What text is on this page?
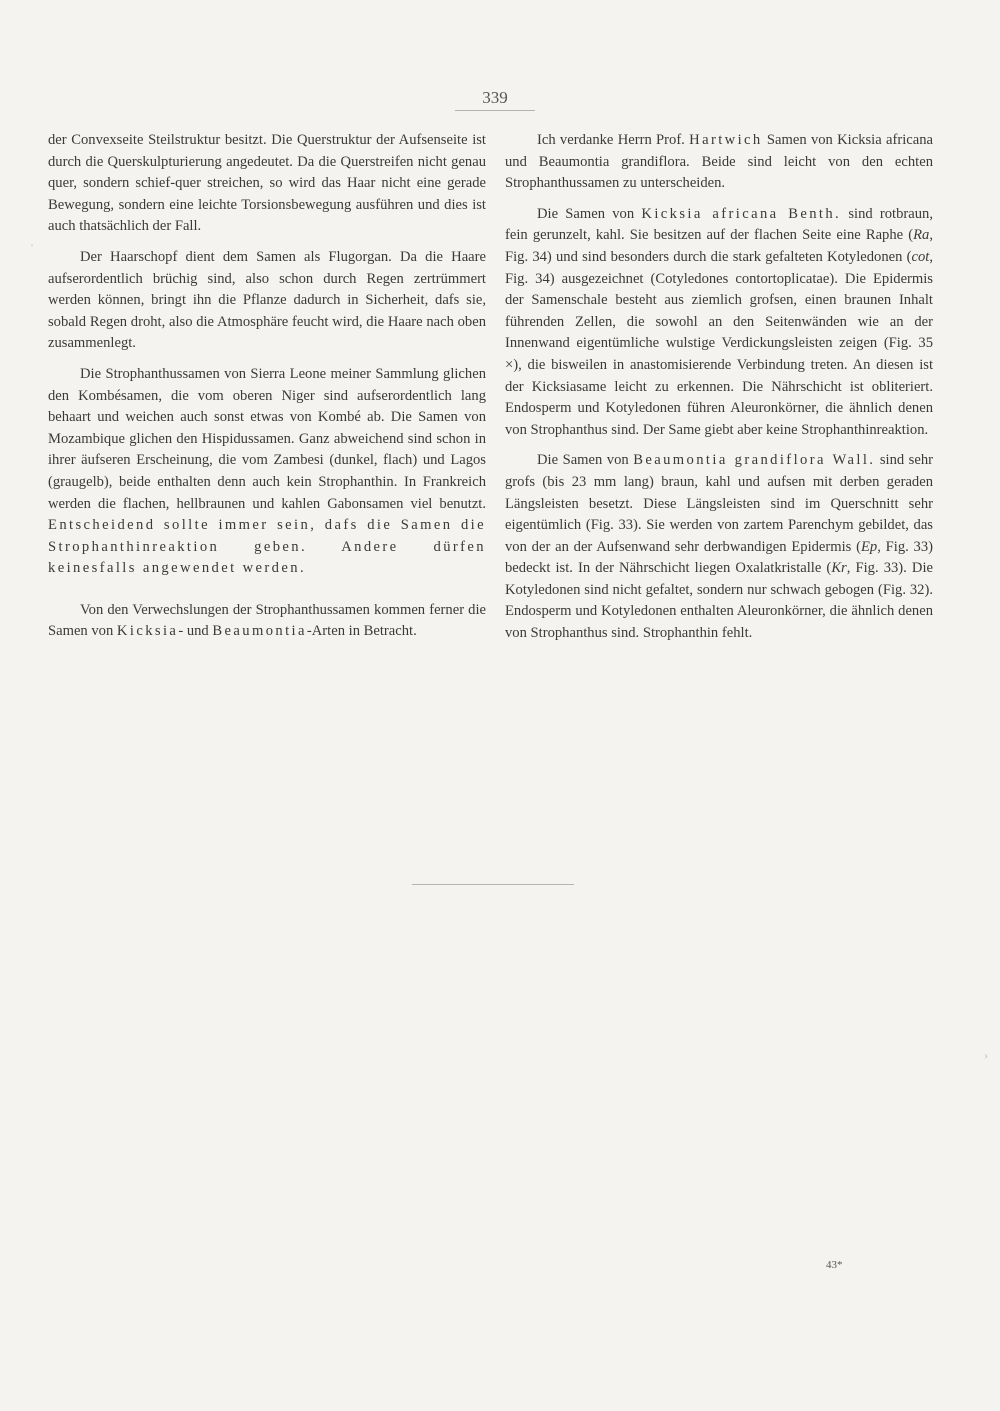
339

der Convexseite Steilstruktur besitzt. Die Querstruktur der Aufsenseite ist durch die Querskulpturierung angedeutet. Da die Querstreifen nicht genau quer, sondern schief-quer streichen, so wird das Haar nicht eine gerade Bewegung, sondern eine leichte Torsionsbewegung ausführen und dies ist auch thatsächlich der Fall.

Der Haarschopf dient dem Samen als Flugorgan. Da die Haare aufserordentlich brüchig sind, also schon durch Regen zertrümmert werden können, bringt ihn die Pflanze dadurch in Sicherheit, dafs sie, sobald Regen droht, also die Atmosphäre feucht wird, die Haare nach oben zusammenlegt.

Die Strophanthussamen von Sierra Leone meiner Sammlung glichen den Kombésamen, die vom oberen Niger sind aufserordentlich lang behaart und weichen auch sonst etwas von Kombé ab. Die Samen von Mozambique glichen den Hispidussamen. Ganz abweichend sind schon in ihrer äufseren Erscheinung, die vom Zambesi (dunkel, flach) und Lagos (graugelb), beide enthalten denn auch kein Strophanthin. In Frankreich werden die flachen, hellbraunen und kahlen Gabonsamen viel benutzt. Entscheidend sollte immer sein, dafs die Samen die Strophanthinreaktion geben. Andere dürfen keinesfalls angewendet werden.

Von den Verwechslungen der Strophanthussamen kommen ferner die Samen von Kicksia- und Beaumontia-Arten in Betracht.

Ich verdanke Herrn Prof. Hartwich Samen von Kicksia africana und Beaumontia grandiflora. Beide sind leicht von den echten Strophanthussamen zu unterscheiden.

Die Samen von Kicksia africana Benth. sind rotbraun, fein gerunzelt, kahl. Sie besitzen auf der flachen Seite eine Raphe (Ra, Fig. 34) und sind besonders durch die stark gefalteten Kotyledonen (cot, Fig. 34) ausgezeichnet (Cotyledones contortoplicatae). Die Epidermis der Samenschale besteht aus ziemlich grofsen, einen braunen Inhalt führenden Zellen, die sowohl an den Seitenwänden wie an der Innenwand eigentümliche wulstige Verdickungsleisten zeigen (Fig. 35 ×), die bisweilen in anastomisierende Verbindung treten. An diesen ist der Kicksiasame leicht zu erkennen. Die Nährschicht ist obliteriert. Endosperm und Kotyledonen führen Aleuronkörner, die ähnlich denen von Strophanthus sind. Der Same giebt aber keine Strophanthinreaktion.

Die Samen von Beaumontia grandiflora Wall. sind sehr grofs (bis 23 mm lang) braun, kahl und aufsen mit derben geraden Längsleisten besetzt. Diese Längsleisten sind im Querschnitt sehr eigentümlich (Fig. 33). Sie werden von zartem Parenchym gebildet, das von der an der Aufsenwand sehr derbwandigen Epidermis (Ep, Fig. 33) bedeckt ist. In der Nährschicht liegen Oxalatkristalle (Kr, Fig. 33). Die Kotyledonen sind nicht gefaltet, sondern nur schwach gebogen (Fig. 32). Endosperm und Kotyledonen enthalten Aleuronkörner, die ähnlich denen von Strophanthus sind. Strophanthin fehlt.

43*
·
›
